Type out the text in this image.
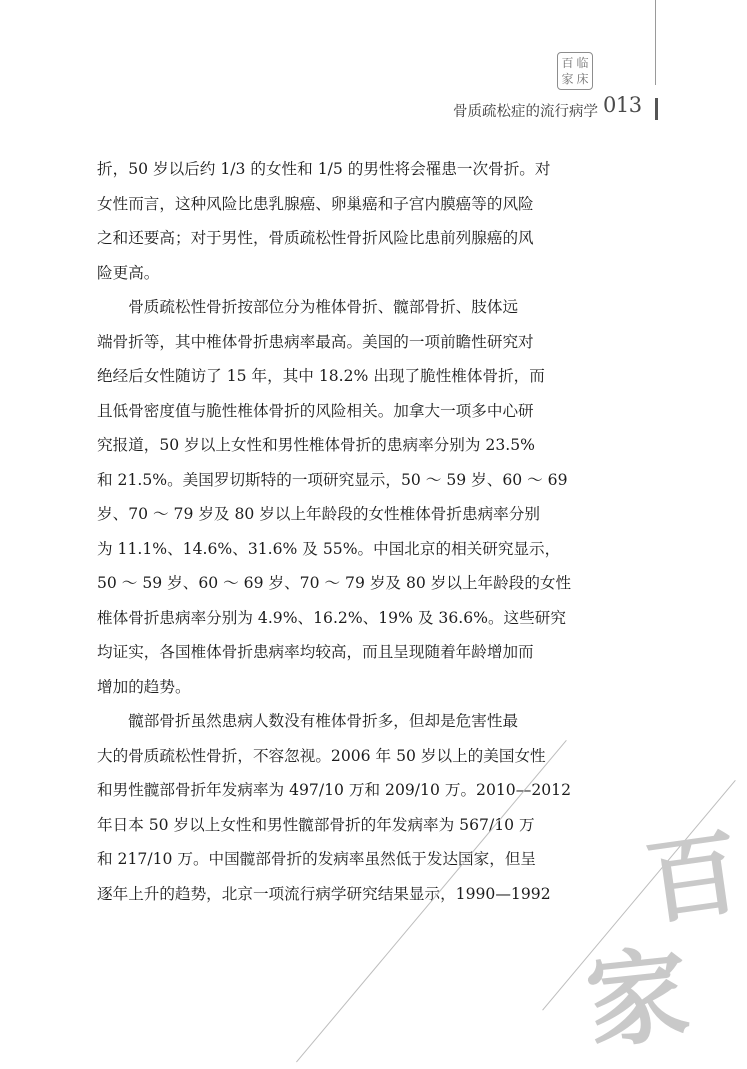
百 临
家 床
骨质疏松症的流行病学 013

折，50 岁以后约 1/3 的女性和 1/5 的男性将会罹患一次骨折。对
女性而言，这种风险比患乳腺癌、卵巢癌和子宫内膜癌等的风险
之和还要高；对于男性，骨质疏松性骨折风险比患前列腺癌的风
险更高。

　　骨质疏松性骨折按部位分为椎体骨折、髋部骨折、肢体远
端骨折等，其中椎体骨折患病率最高。美国的一项前瞻性研究对
绝经后女性随访了 15 年，其中 18.2% 出现了脆性椎体骨折，而
且低骨密度值与脆性椎体骨折的风险相关。加拿大一项多中心研
究报道，50 岁以上女性和男性椎体骨折的患病率分别为 23.5%
和 21.5%。美国罗切斯特的一项研究显示，50 ～ 59 岁、60 ～ 69
岁、70 ～ 79 岁及 80 岁以上年龄段的女性椎体骨折患病率分别
为 11.1%、14.6%、31.6% 及 55%。中国北京的相关研究显示，
50 ～ 59 岁、60 ～ 69 岁、70 ～ 79 岁及 80 岁以上年龄段的女性
椎体骨折患病率分别为 4.9%、16.2%、19% 及 36.6%。这些研究
均证实，各国椎体骨折患病率均较高，而且呈现随着年龄增加而
增加的趋势。

　　髋部骨折虽然患病人数没有椎体骨折多，但却是危害性最
大的骨质疏松性骨折，不容忽视。2006 年 50 岁以上的美国女性
和男性髋部骨折年发病率为 497/10 万和 209/10 万。2010—2012
年日本 50 岁以上女性和男性髋部骨折的年发病率为 567/10 万
和 217/10 万。中国髋部骨折的发病率虽然低于发达国家，但呈
逐年上升的趋势，北京一项流行病学研究结果显示，1990—1992 百
家
